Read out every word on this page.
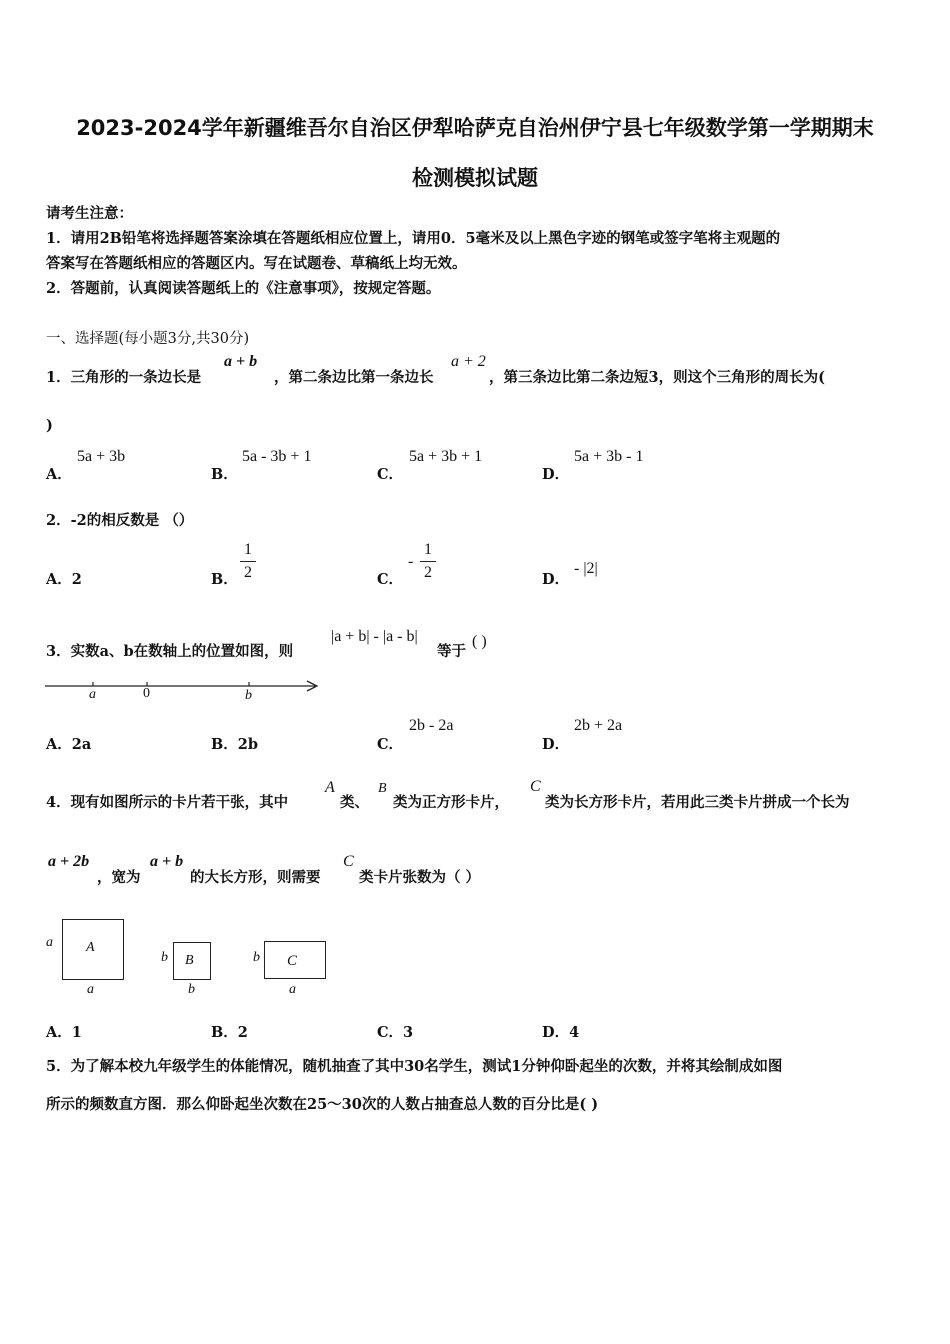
2023-2024学年新疆维吾尔自治区伊犁哈萨克自治州伊宁县七年级数学第一学期期末
检测模拟试题
请考生注意：
1．请用2B铅笔将选择题答案涂填在答题纸相应位置上，请用0．5毫米及以上黑色字迹的钢笔或签字笔将主观题的
答案写在答题纸相应的答题区内。写在试题卷、草稿纸上均无效。
2．答题前，认真阅读答题纸上的《注意事项》，按规定答题。
一、选择题(每小题3分,共30分)
1．三角形的一条边长是
a + b
，第二条边比第一条边长
a + 2
，第三条边比第二条边短3，则这个三角形的周长为(
)
A．
5a + 3b
B．
5a - 3b + 1
C．
5a + 3b + 1
D．
5a + 3b - 1
2．-2的相反数是 （）
A．2	B．
1
2	C．
-
1
2	D．
- |2|
3．实数a、b在数轴上的位置如图，则
|a + b| - |a - b|
等于
( )
a	0	b
A．2a	B．2b	C．
2b - 2a
D．
2b + 2a
4．现有如图所示的卡片若干张，其中
A
类、
B
类为正方形卡片，
C
类为长方形卡片，若用此三类卡片拼成一个长为
a + 2b
，宽为
a + b
的大长方形，则需要
C
类卡片张数为（ ）
a A
a
b B
b
b C
a
A．1	B．2	C．3	D．4
5．为了解本校九年级学生的体能情况，随机抽查了其中30名学生，测试1分钟仰卧起坐的次数，并将其绘制成如图
所示的频数直方图．那么仰卧起坐次数在25～30次的人数占抽查总人数的百分比是( )
